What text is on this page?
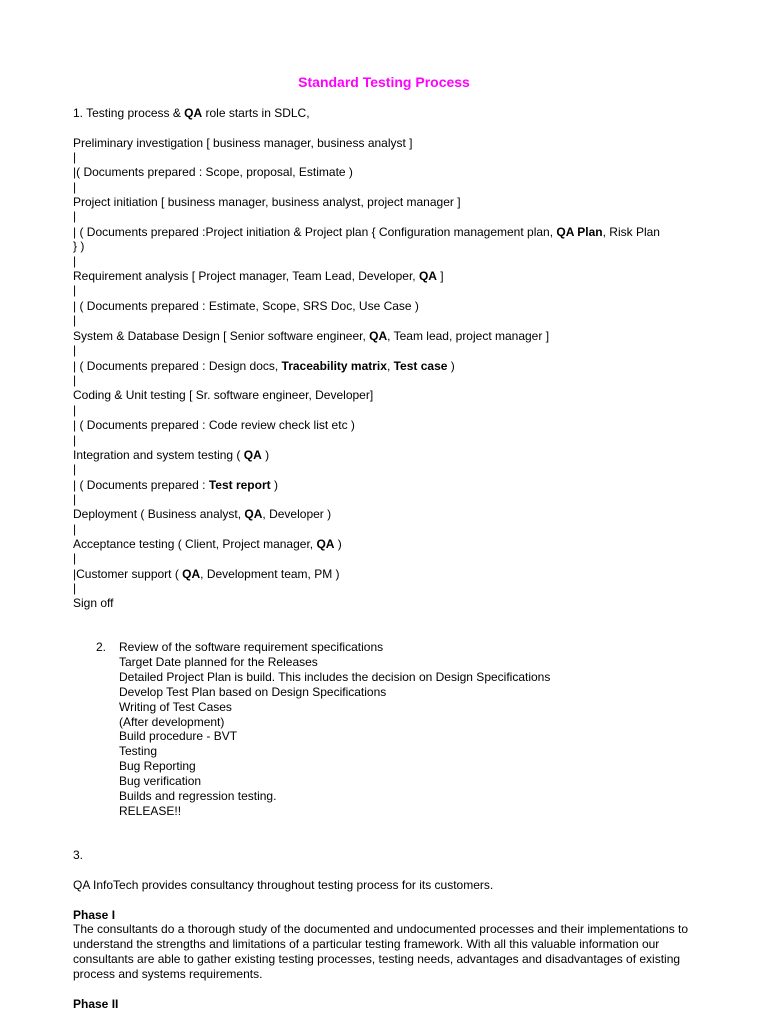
Standard Testing Process
1. Testing process & QA role starts in SDLC,
Preliminary investigation [ business manager, business analyst ]
|
|( Documents prepared : Scope, proposal, Estimate )
|
Project initiation [ business manager, business analyst, project manager ]
|
| ( Documents prepared :Project initiation & Project plan { Configuration management plan, QA Plan, Risk Plan
} )
|
Requirement analysis [ Project manager, Team Lead, Developer, QA ]
|
| ( Documents prepared : Estimate, Scope, SRS Doc, Use Case )
|
System & Database Design [ Senior software engineer, QA, Team lead, project manager ]
|
| ( Documents prepared : Design docs, Traceability matrix, Test case )
|
Coding & Unit testing [ Sr. software engineer, Developer]
|
| ( Documents prepared : Code review check list etc )
|
Integration and system testing ( QA )
|
| ( Documents prepared : Test report )
|
Deployment ( Business analyst, QA, Developer )
|
Acceptance testing ( Client, Project manager, QA )
|
|Customer support ( QA, Development team, PM )
|
Sign off
2. Review of the software requirement specifications
Target Date planned for the Releases
Detailed Project Plan is build. This includes the decision on Design Specifications
Develop Test Plan based on Design Specifications
Writing of Test Cases
(After development)
Build procedure - BVT
Testing
Bug Reporting
Bug verification
Builds and regression testing.
RELEASE!!
3.
QA InfoTech provides consultancy throughout testing process for its customers.
Phase I
The consultants do a thorough study of the documented and undocumented processes and their implementations to understand the strengths and limitations of a particular testing framework. With all this valuable information our consultants are able to gather existing testing processes, testing needs, advantages and disadvantages of existing process and systems requirements.
Phase II
